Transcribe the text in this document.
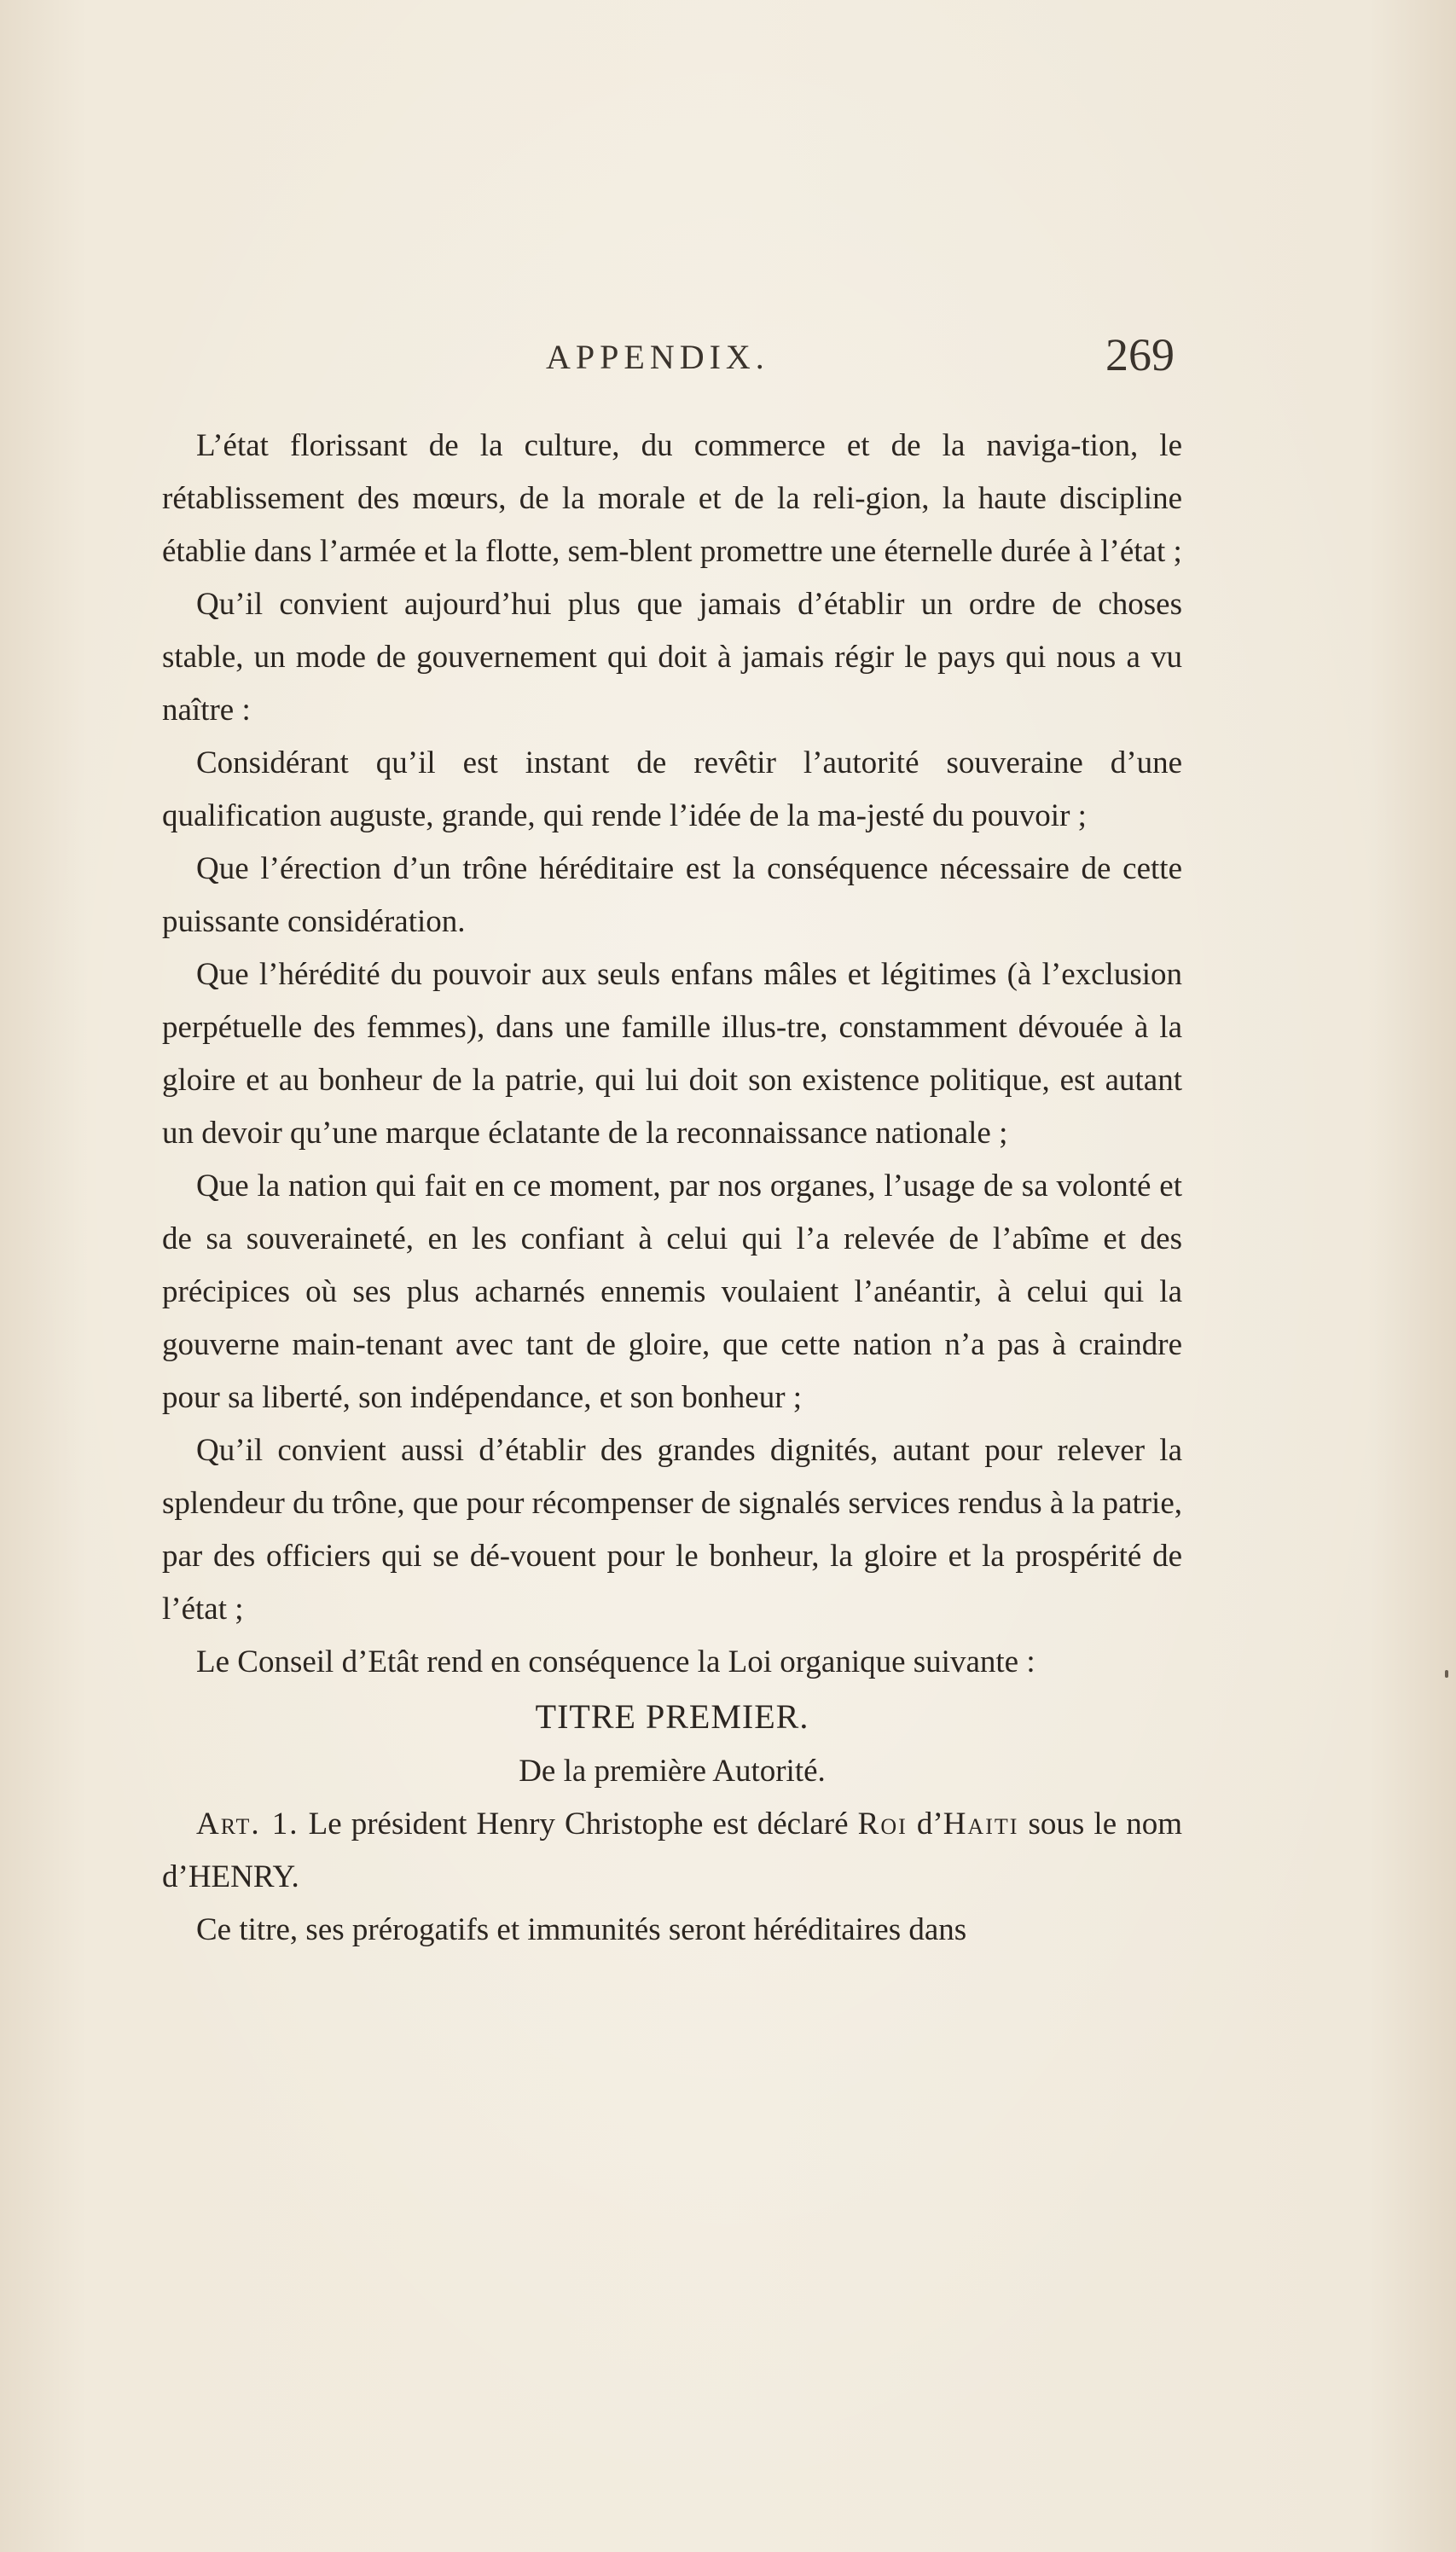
APPENDIX.	269

L’état florissant de la culture, du commerce et de la naviga-tion, le rétablissement des mœurs, de la morale et de la reli-gion, la haute discipline établie dans l’armée et la flotte, sem-blent promettre une éternelle durée à l’état ;

Qu’il convient aujourd’hui plus que jamais d’établir un ordre de choses stable, un mode de gouvernement qui doit à jamais régir le pays qui nous a vu naître :

Considérant qu’il est instant de revêtir l’autorité souveraine d’une qualification auguste, grande, qui rende l’idée de la ma-jesté du pouvoir ;

Que l’érection d’un trône héréditaire est la conséquence nécessaire de cette puissante considération.

Que l’hérédité du pouvoir aux seuls enfans mâles et légitimes (à l’exclusion perpétuelle des femmes), dans une famille illus-tre, constamment dévouée à la gloire et au bonheur de la patrie, qui lui doit son existence politique, est autant un devoir qu’une marque éclatante de la reconnaissance nationale ;

Que la nation qui fait en ce moment, par nos organes, l’usage de sa volonté et de sa souveraineté, en les confiant à celui qui l’a relevée de l’abîme et des précipices où ses plus acharnés ennemis voulaient l’anéantir, à celui qui la gouverne main-tenant avec tant de gloire, que cette nation n’a pas à craindre pour sa liberté, son indépendance, et son bonheur ;

Qu’il convient aussi d’établir des grandes dignités, autant pour relever la splendeur du trône, que pour récompenser de signalés services rendus à la patrie, par des officiers qui se dé-vouent pour le bonheur, la gloire et la prospérité de l’état ;

Le Conseil d’Etât rend en conséquence la Loi organique suivante :

TITRE PREMIER.

De la première Autorité.

Art. 1. Le président Henry Christophe est déclaré Roi d’Haiti sous le nom d’HENRY.

Ce titre, ses prérogatifs et immunités seront héréditaires dans
